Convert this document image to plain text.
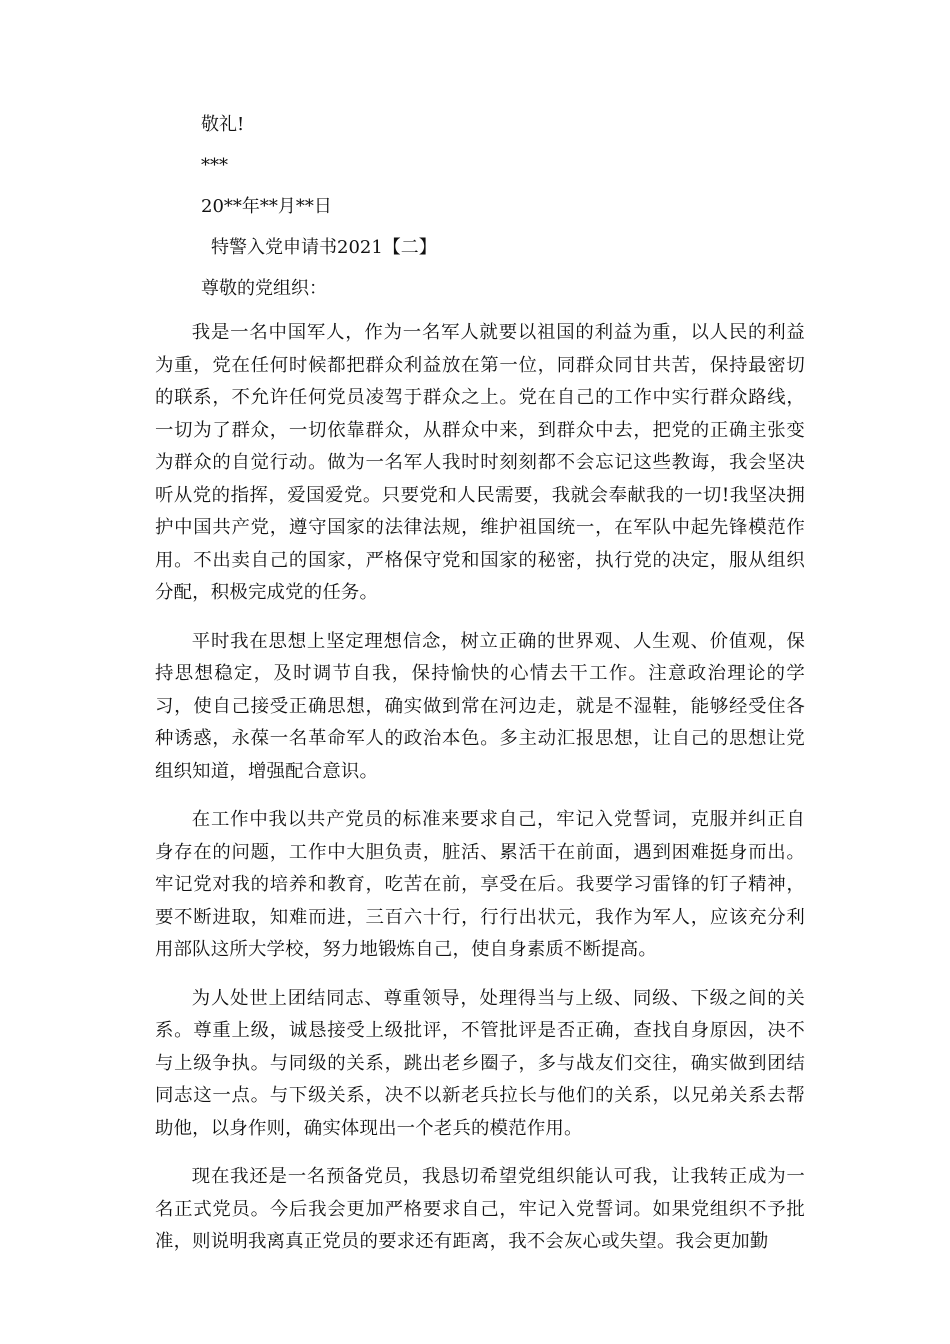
敬礼!

***

20**年**月**日

特警入党申请书2021【二】

尊敬的党组织：

我是一名中国军人，作为一名军人就要以祖国的利益为重，以人民的利益为重，党在任何时候都把群众利益放在第一位，同群众同甘共苦，保持最密切的联系，不允许任何党员凌驾于群众之上。党在自己的工作中实行群众路线，一切为了群众，一切依靠群众，从群众中来，到群众中去，把党的正确主张变为群众的自觉行动。做为一名军人我时时刻刻都不会忘记这些教诲，我会坚决听从党的指挥，爱国爱党。只要党和人民需要，我就会奉献我的一切!我坚决拥护中国共产党，遵守国家的法律法规，维护祖国统一，在军队中起先锋模范作用。不出卖自己的国家，严格保守党和国家的秘密，执行党的决定，服从组织分配，积极完成党的任务。

平时我在思想上坚定理想信念，树立正确的世界观、人生观、价值观，保持思想稳定，及时调节自我，保持愉快的心情去干工作。注意政治理论的学习，使自己接受正确思想，确实做到常在河边走，就是不湿鞋，能够经受住各种诱惑，永葆一名革命军人的政治本色。多主动汇报思想，让自己的思想让党组织知道，增强配合意识。

在工作中我以共产党员的标准来要求自己，牢记入党誓词，克服并纠正自身存在的问题，工作中大胆负责，脏活、累活干在前面，遇到困难挺身而出。牢记党对我的培养和教育，吃苦在前，享受在后。我要学习雷锋的钉子精神，要不断进取，知难而进，三百六十行，行行出状元，我作为军人，应该充分利用部队这所大学校，努力地锻炼自己，使自身素质不断提高。

为人处世上团结同志、尊重领导，处理得当与上级、同级、下级之间的关系。尊重上级，诚恳接受上级批评，不管批评是否正确，查找自身原因，决不与上级争执。与同级的关系，跳出老乡圈子，多与战友们交往，确实做到团结同志这一点。与下级关系，决不以新老兵拉长与他们的关系，以兄弟关系去帮助他，以身作则，确实体现出一个老兵的模范作用。

现在我还是一名预备党员，我恳切希望党组织能认可我，让我转正成为一名正式党员。今后我会更加严格要求自己，牢记入党誓词。如果党组织不予批准，则说明我离真正党员的要求还有距离，我不会灰心或失望。我会更加勤
